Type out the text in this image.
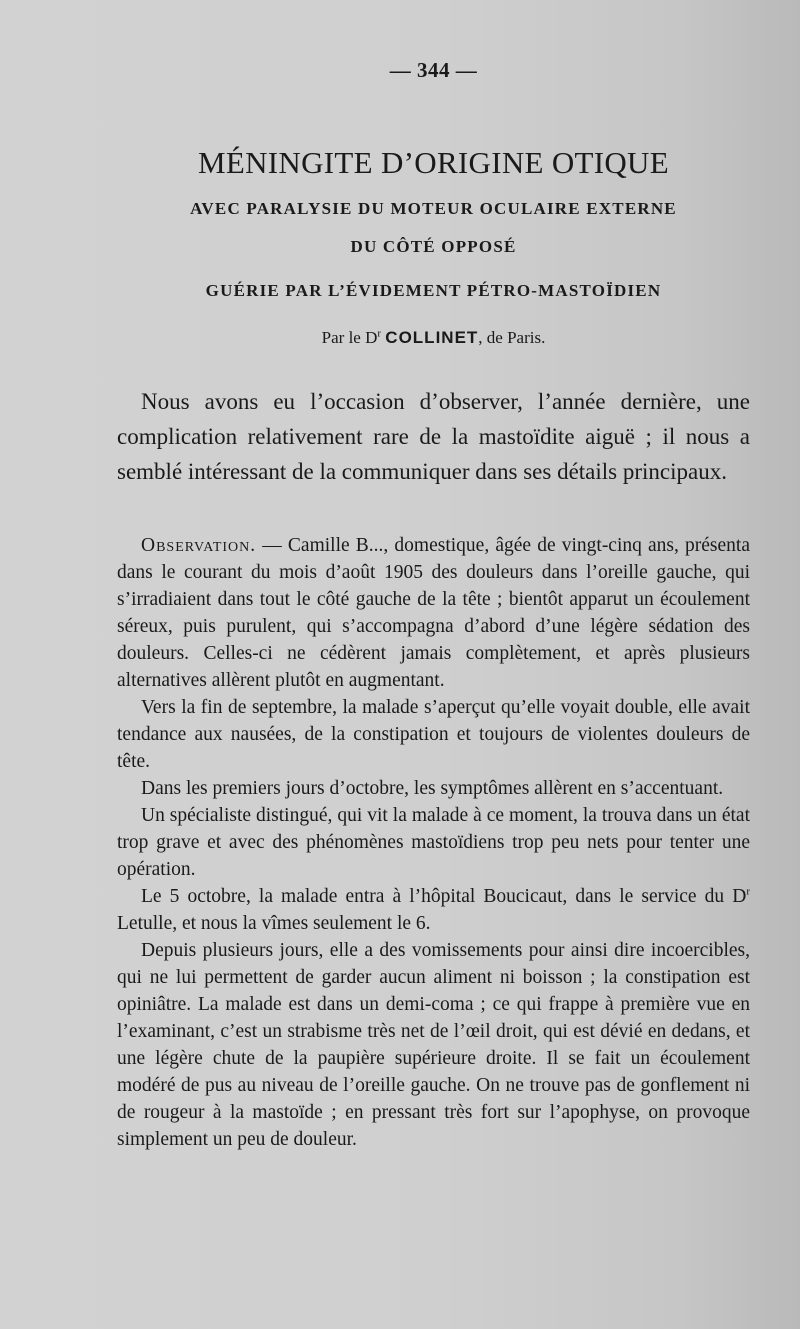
— 344 —
MÉNINGITE D’ORIGINE OTIQUE
AVEC PARALYSIE DU MOTEUR OCULAIRE EXTERNE
DU CÔTÉ OPPOSÉ
GUÉRIE PAR L’ÉVIDEMENT PÉTRO-MASTOÏDIEN
Par le $D^r$ COLLINET, de Paris.
Nous avons eu l’occasion d’observer, l’année dernière, une complication relativement rare de la mastoïdite aiguë ; il nous a semblé intéressant de la communiquer dans ses détails principaux.

Observation. — Camille B..., domestique, âgée de vingt-cinq ans, présenta dans le courant du mois d’août 1905 des douleurs dans l’oreille gauche, qui s’irradiaient dans tout le côté gauche de la tête ; bientôt apparut un écoulement séreux, puis purulent, qui s’accompagna d’abord d’une légère sédation des douleurs. Celles-ci ne cédèrent jamais complètement, et après plusieurs alternatives allèrent plutôt en augmentant.

Vers la fin de septembre, la malade s’aperçut qu’elle voyait double, elle avait tendance aux nausées, de la constipation et toujours de violentes douleurs de tête.

Dans les premiers jours d’octobre, les symptômes allèrent en s’accentuant.

Un spécialiste distingué, qui vit la malade à ce moment, la trouva dans un état trop grave et avec des phénomènes mastoïdiens trop peu nets pour tenter une opération.

Le 5 octobre, la malade entra à l’hôpital Boucicaut, dans le service du $D^r$ Letulle, et nous la vîmes seulement le 6.

Depuis plusieurs jours, elle a des vomissements pour ainsi dire incoercibles, qui ne lui permettent de garder aucun aliment ni boisson ; la constipation est opiniâtre. La malade est dans un demi-coma ; ce qui frappe à première vue en l’examinant, c’est un strabisme très net de l’œil droit, qui est dévié en dedans, et une légère chute de la paupière supérieure droite. Il se fait un écoulement modéré de pus au niveau de l’oreille gauche. On ne trouve pas de gonflement ni de rougeur à la mastoïde ; en pressant très fort sur l’apophyse, on provoque simplement un peu de douleur.
